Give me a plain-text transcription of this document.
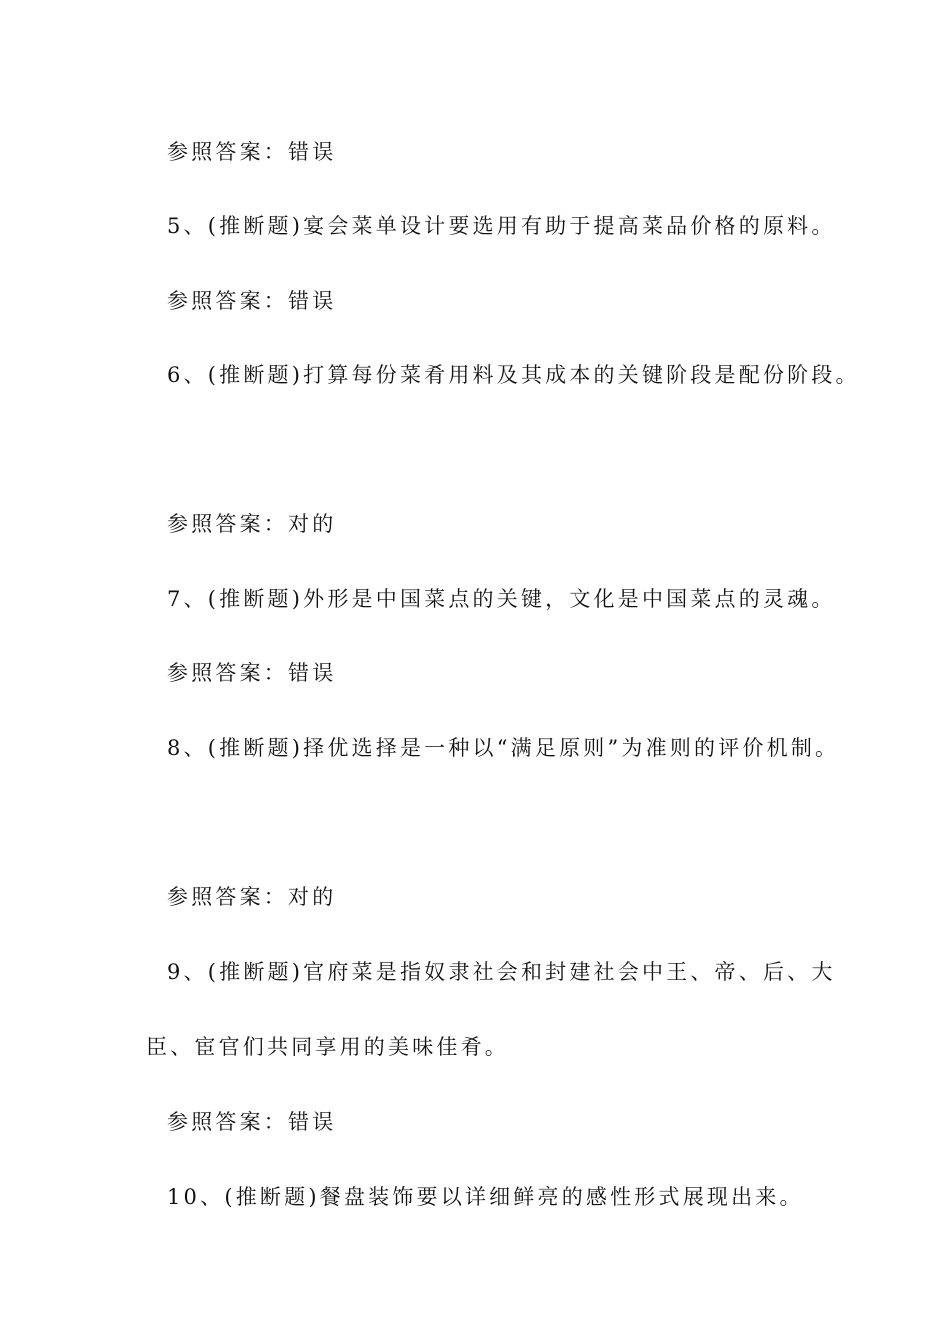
参照答案：错误
5、(推断题)宴会菜单设计要选用有助于提高菜品价格的原料。
参照答案：错误
6、(推断题)打算每份菜肴用料及其成本的关键阶段是配份阶段。
参照答案：对的
7、(推断题)外形是中国菜点的关键，文化是中国菜点的灵魂。
参照答案：错误
8、(推断题)择优选择是一种以“满足原则”为准则的评价机制。
参照答案：对的
9、(推断题)官府菜是指奴隶社会和封建社会中王、帝、后、大
臣、宦官们共同享用的美味佳肴。
参照答案：错误
10、(推断题)餐盘装饰要以详细鲜亮的感性形式展现出来。
